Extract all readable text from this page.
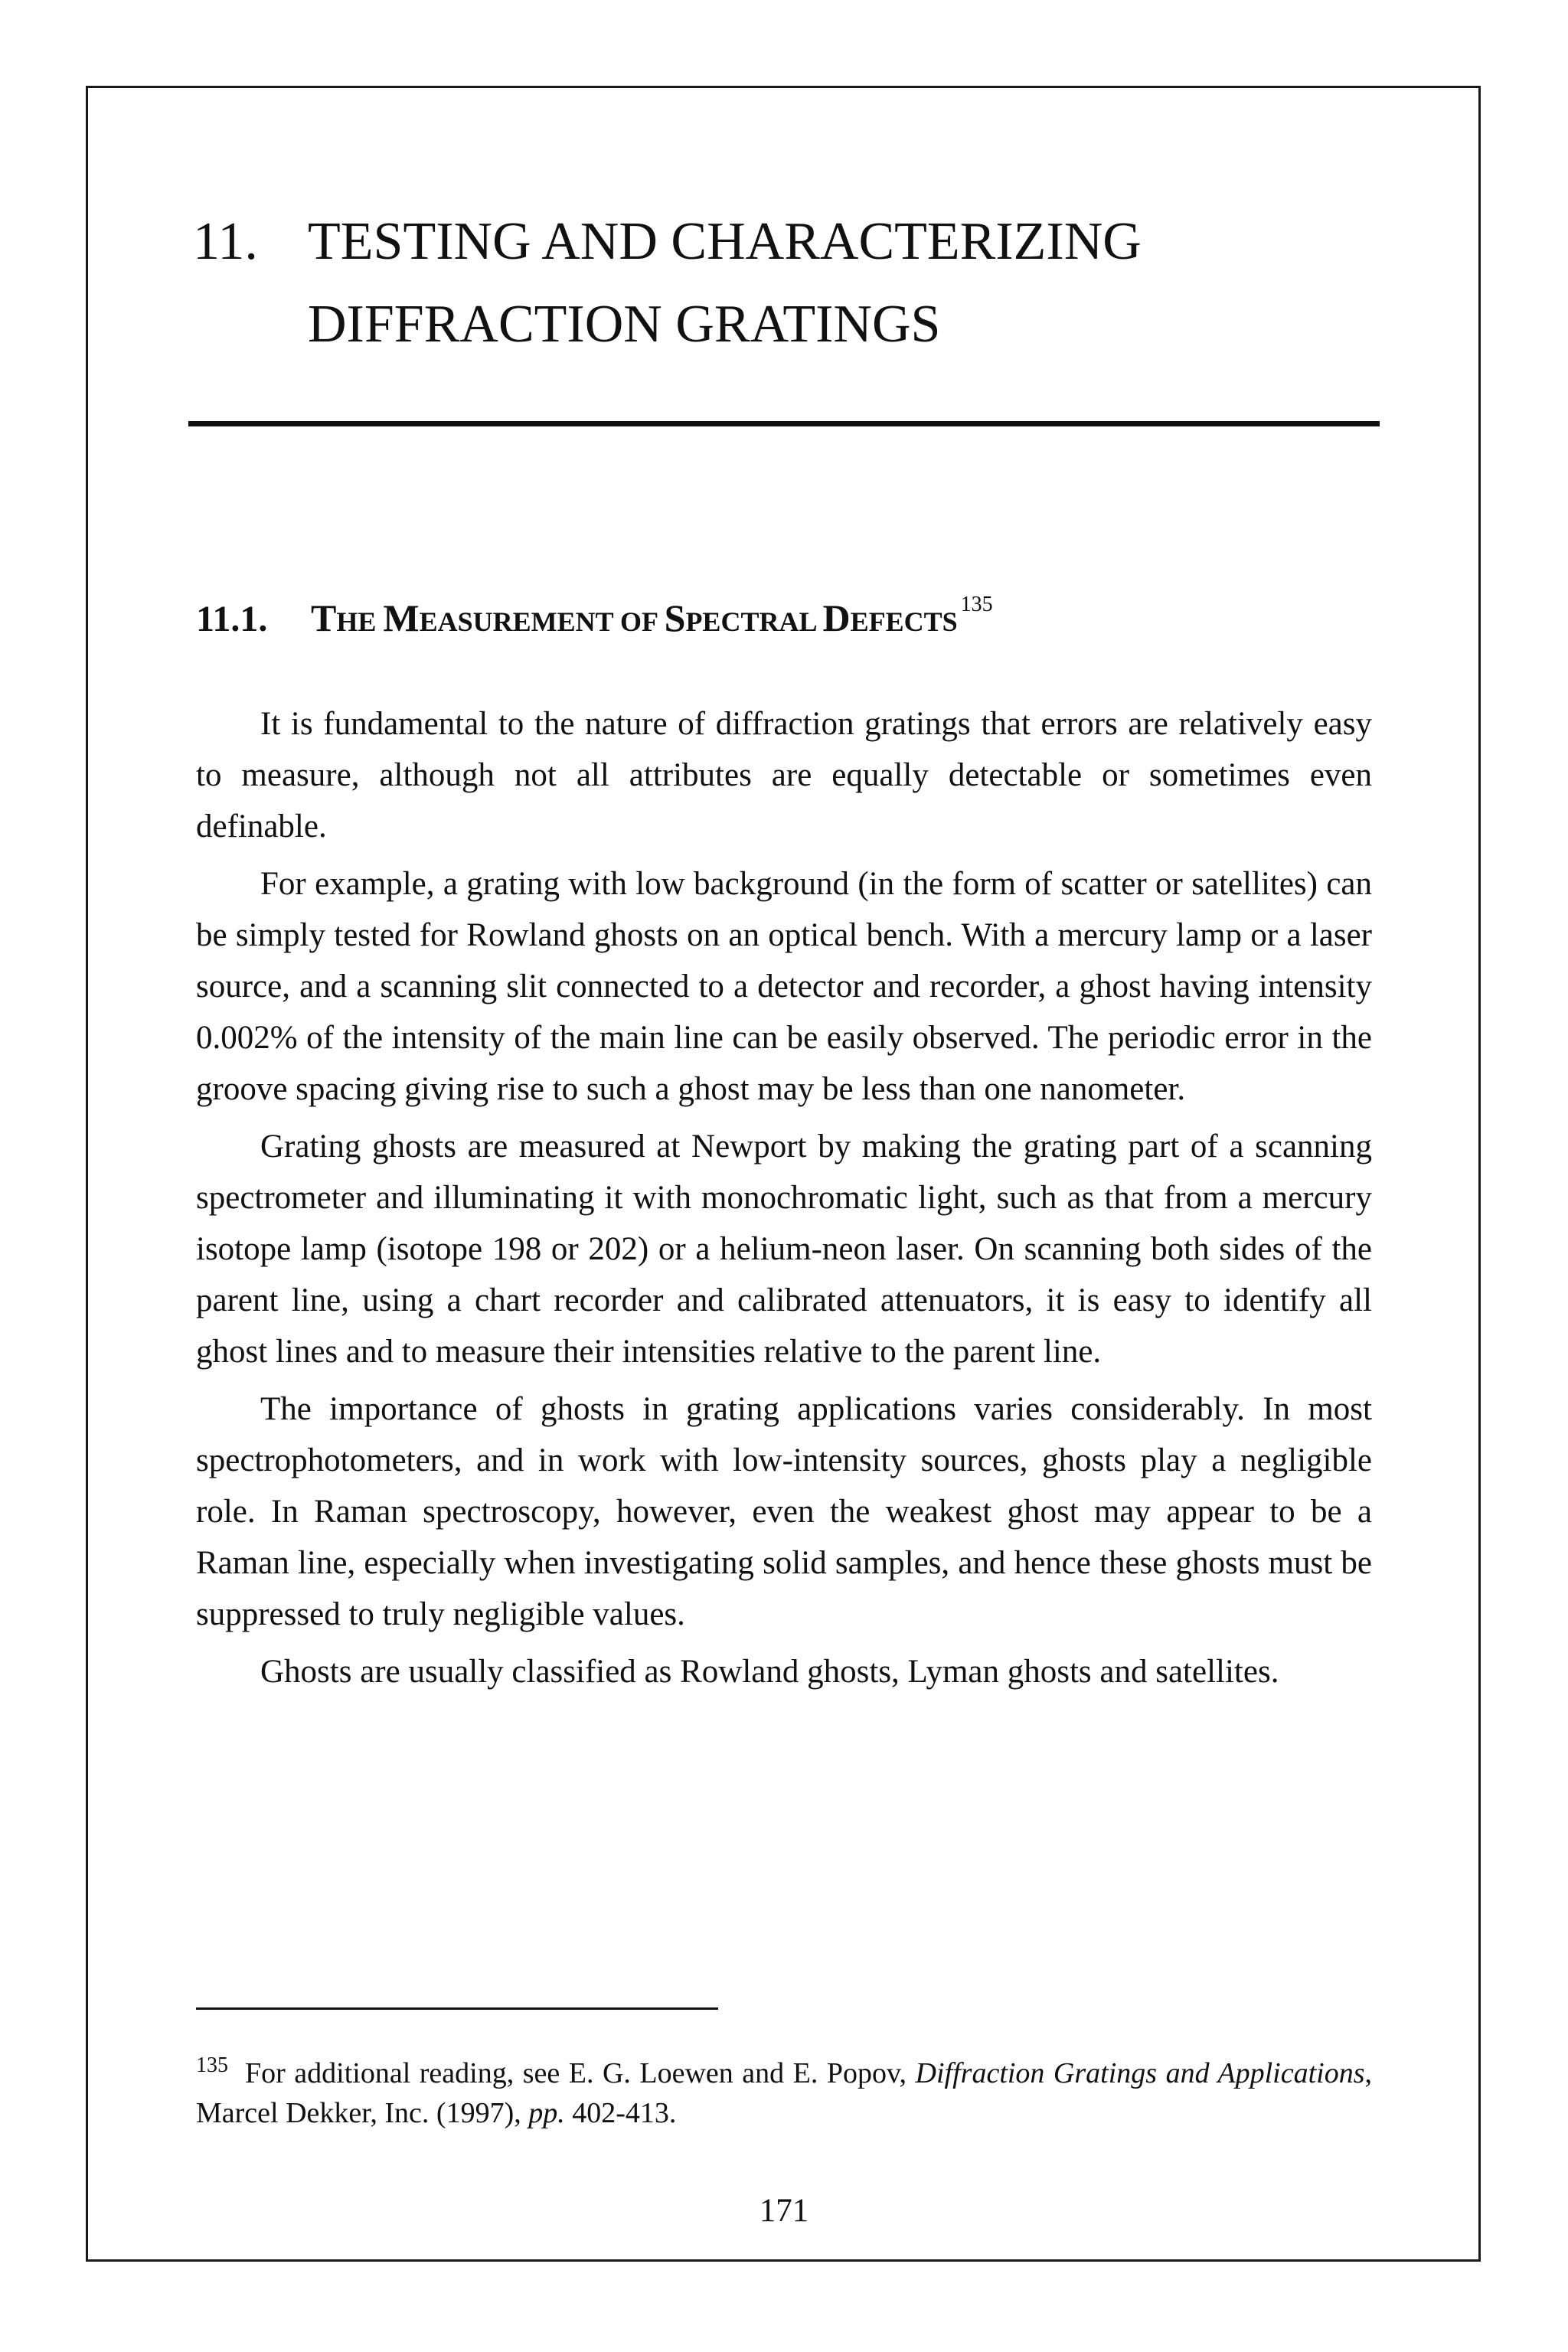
11. TESTING AND CHARACTERIZING
DIFFRACTION GRATINGS
11.1. THE MEASUREMENT OF SPECTRAL DEFECTS$^{135}$

It is fundamental to the nature of diffraction gratings that errors are relatively easy to measure, although not all attributes are equally detectable or sometimes even definable.

For example, a grating with low background (in the form of scatter or satellites) can be simply tested for Rowland ghosts on an optical bench. With a mercury lamp or a laser source, and a scanning slit connected to a detector and recorder, a ghost having intensity 0.002% of the intensity of the main line can be easily observed. The periodic error in the groove spacing giving rise to such a ghost may be less than one nanometer.

Grating ghosts are measured at Newport by making the grating part of a scanning spectrometer and illuminating it with monochromatic light, such as that from a mercury isotope lamp (isotope 198 or 202) or a helium-neon laser. On scanning both sides of the parent line, using a chart recorder and calibrated attenuators, it is easy to identify all ghost lines and to measure their intensities relative to the parent line.

The importance of ghosts in grating applications varies considerably. In most spectrophotometers, and in work with low-intensity sources, ghosts play a negligible role. In Raman spectroscopy, however, even the weakest ghost may appear to be a Raman line, especially when investigating solid samples, and hence these ghosts must be suppressed to truly negligible values.

Ghosts are usually classified as Rowland ghosts, Lyman ghosts and satellites.

$^{135}$ For additional reading, see E. G. Loewen and E. Popov, Diffraction Gratings and Applications, Marcel Dekker, Inc. (1997), pp. 402-413.

171
